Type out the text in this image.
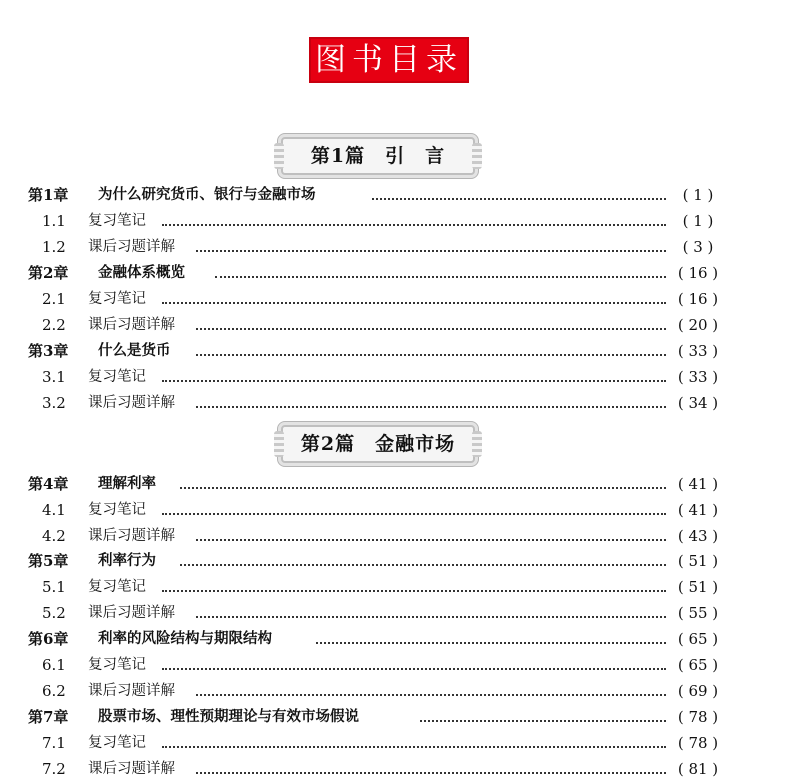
图书目录
第1篇　引　言
第2篇　金融市场
第1章 为什么研究货币、银行与金融市场	( 1 )
1.1 复习笔记	( 1 )
1.2 课后习题详解	( 3 )
第2章 金融体系概览	( 16 )
2.1 复习笔记	( 16 )
2.2 课后习题详解	( 20 )
第3章 什么是货币	( 33 )
3.1 复习笔记	( 33 )
3.2 课后习题详解	( 34 )
第4章 理解利率	( 41 )
4.1 复习笔记	( 41 )
4.2 课后习题详解	( 43 )
第5章 利率行为	( 51 )
5.1 复习笔记	( 51 )
5.2 课后习题详解	( 55 )
第6章 利率的风险结构与期限结构	( 65 )
6.1 复习笔记	( 65 )
6.2 课后习题详解	( 69 )
第7章 股票市场、理性预期理论与有效市场假说	( 78 )
7.1 复习笔记	( 78 )
7.2 课后习题详解	( 81 )
